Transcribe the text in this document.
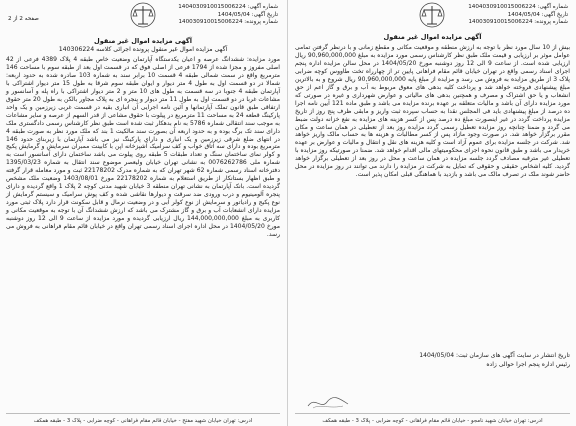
شماره آگهی: 1404030910015006224
تاریخ آگهی: 1404/05/04
شماره پرونده: 140030910015006224
صفحه 2 از 2
آگهی مزایده اموال غیر منقول
آگهی مزایده اموال غیر منقول پرونده اجرائی کلاسه 140306224
مورد مزایده: ششدانگ عرصه و اعیان یکدستگاه آپارتمان وضعیت خاص طبقه 4 پلاک 4389 فرعی از 42 اصلی مفروز و مجزا شده از 1794 فرعی از اصلی فوق که در قسمت اول بعد از طبقه سوم با مساحت 146 مترمربع واقع در سمت شمالی طبقه 4 قسمت 10 برابر سند به شماره 103 صادره شده به حدود اربعه: شمالا در دو قسمت اول به طول 4 متر دیوار و ایوان طبقه سوم شرقا به طول 15 متر دیوار اشتراکی با آپارتمان طبقه 4 جنوبا در سه قسمت به طول های 10 متر و 2 متر دیوار اشتراکی با راه پله و آسانسور و مشاعات غربا در دو قسمت اول به طول 11 متر دیوار و پنجره ای به پلاک مجاور بالکن به طول 20 متر حقوق ارتفاقی طبق قانون تملک آپارتمانها و آئین نامه اجرایی آن انباری بقیه در قسمت غربی زیرزمین و یک واحد پارکینگ قطعه 24 به مساحت 11 مترمربع در پیلوت با حقوق مشاعی از قدر السهم از عرصه و سایر مشاعات به موجب سند انتقالی شماره 5786 به نام بدهکار ثبت شده است طبق نظر کارشناس رسمی دادگستری ملک دارای سند تک برگ بوده و به حدود اربعه آن بصورت سند مالکیت 1 بند که ملک مورد نظر به صورت طبقه 4 در انتهای ضلع شرقی زیرزمین و یک انباری و دارای پارکینگ نیز می باشد آپارتمان با زیربنای حدود 146 مترمربع بوده و دارای سه اتاق خواب و کف سرامیک آشپزخانه اپن با کابینت ممبران سرمایش و گرمایش پکیج و کولر نمای ساختمان سنگ و تعداد طبقات 5 طبقه روی پیلوت می باشد ساختمان دارای آسانسور است به شماره ملی 0076262786 به نشانی تهران خیابان ولیعصر موضوع سند انتقال به شماره 1395/03/23 دفترخانه اسناد رسمی شماره 62 شهر تهران که به شماره مدرک 22178202 ثبت و مورد معامله قرار گرفته و طبق اظهار بستانکار از طریق استعلام به شماره 22178202 مورخ 1403/08/01 وضعیت ملک مشخص گردیده است. بانک آپارتمان به نشانی تهران منطقه 3 خیابان شهید مدنی کوچه 2 پلاک 1 واقع گردیده و دارای پنجره آلومینیوم و درب ورودی ضد سرقت و دیوارها نقاشی شده و کف پوش سرامیک و سیستم گرمایش از نوع پکیج و رادیاتور و سرمایش از نوع کولر آبی و در وضعیت نرمال و قابل سکونت قرار دارد پلاک ثبتی مورد مزایده دارای انشعابات آب و برق و گاز مشترک می باشد که ارزش ششدانگ آن با توجه به موقعیت مکانی و کاربری به مبلغ 144,000,000,000 ریال ارزیابی گردیده و مورد مزایده از ساعت 9 الی 12 روز دوشنبه مورخ 1404/05/20 در محل اداره اجرای اسناد رسمی تهران واقع در خیابان قائم مقام فراهانی به فروش می رسد.
آدرس: تهران خیابان شهید مفتح - خیابان قائم مقام فراهانی - کوچه ضرابی - پلاک 3 - طبقه همکف
شماره آگهی: 1404030910015006224
تاریخ آگهی: 1404/05/04
شماره پرونده: 140030910015006224
آگهی مزایده اموال غیر منقول
بیش از 10 سال مورد نظر با توجه به ارزش منطقه و موقعیت مکانی و مقطع زمانی و با درنظر گرفتن تمامی عوامل موثر بر ارزیابی و قیمت ملک طبق نظر کارشناس رسمی مورد مزایده به مبلغ 90,960,000,000 ریال ارزیابی شده است. از ساعت 9 الی 12 روز دوشنبه مورخ 1404/05/20 در محل سالن مزایده اداره پنجم اجرای اسناد رسمی واقع در تهران خیابان قائم مقام فراهانی پایین تر از چهارراه تخت طاووس کوچه ضرابی پلاک 3 از طریق مزایده به فروش می رسد و مزایده از مبلغ پایه 90,960,000,000 ریال شروع و به بالاترین مبلغ پیشنهادی فروخته خواهد شد و پرداخت کلیه بدهی های معوق مربوط به آب و برق و گاز اعم از حق انشعاب و یا حق اشتراک و مصرف و همچنین بدهی های مالیاتی و عوارض شهرداری و غیره در صورتی که مورد مزایده دارای آن باشد و مالیات متعلقه بر عهده برنده مزایده می باشد و طبق ماده 121 آیین نامه اجرا ده درصد از مبلغ پیشنهادی باید فی المجلس نقدا به حساب سپرده ثبت واریز و مابقی ظرف پنج روز از تاریخ مزایده پرداخت گردد در غیر اینصورت مبلغ ده درصد پس از کسر هزینه های مزایده به نفع خزانه دولت ضبط می گردد و ضمنا چنانچه روز مزایده تعطیل رسمی گردد مزایده روز بعد از تعطیلی در همان ساعت و مکان مقرر برگزار خواهد شد. در صورت وجود مازاد پس از کسر مطالبات و هزینه ها به حساب مالک واریز خواهد شد. شرکت در جلسه مزایده برای عموم آزاد است و کلیه هزینه های نقل و انتقال و مالیات و عوارض بر عهده خریدار می باشد و طبق قانون نحوه اجرای محکومیتهای مالی اقدام خواهد شد. ضمنا در صورتیکه روز مزایده با تعطیلی غیر مترقبه مصادف گردد جلسه مزایده در همان ساعت و محل در روز بعد از تعطیلی برگزار خواهد گردید. کلیه اشخاص حقیقی و حقوقی که تمایل به شرکت در مزایده را دارند می توانند در روز مزایده در محل حاضر شوند ملک در تصرف مالک می باشد و بازدید با هماهنگی قبلی امکان پذیر است.
تاریخ انتشار در سایت آگهی های سازمان ثبت: 1404/05/04
رئیس اداره پنجم اجرا حوالی زاده
آدرس: تهران خیابان شهید نامجو - خیابان قائم مقام فراهانی - کوچه ضرابی - پلاک 3 - طبقه همکف
